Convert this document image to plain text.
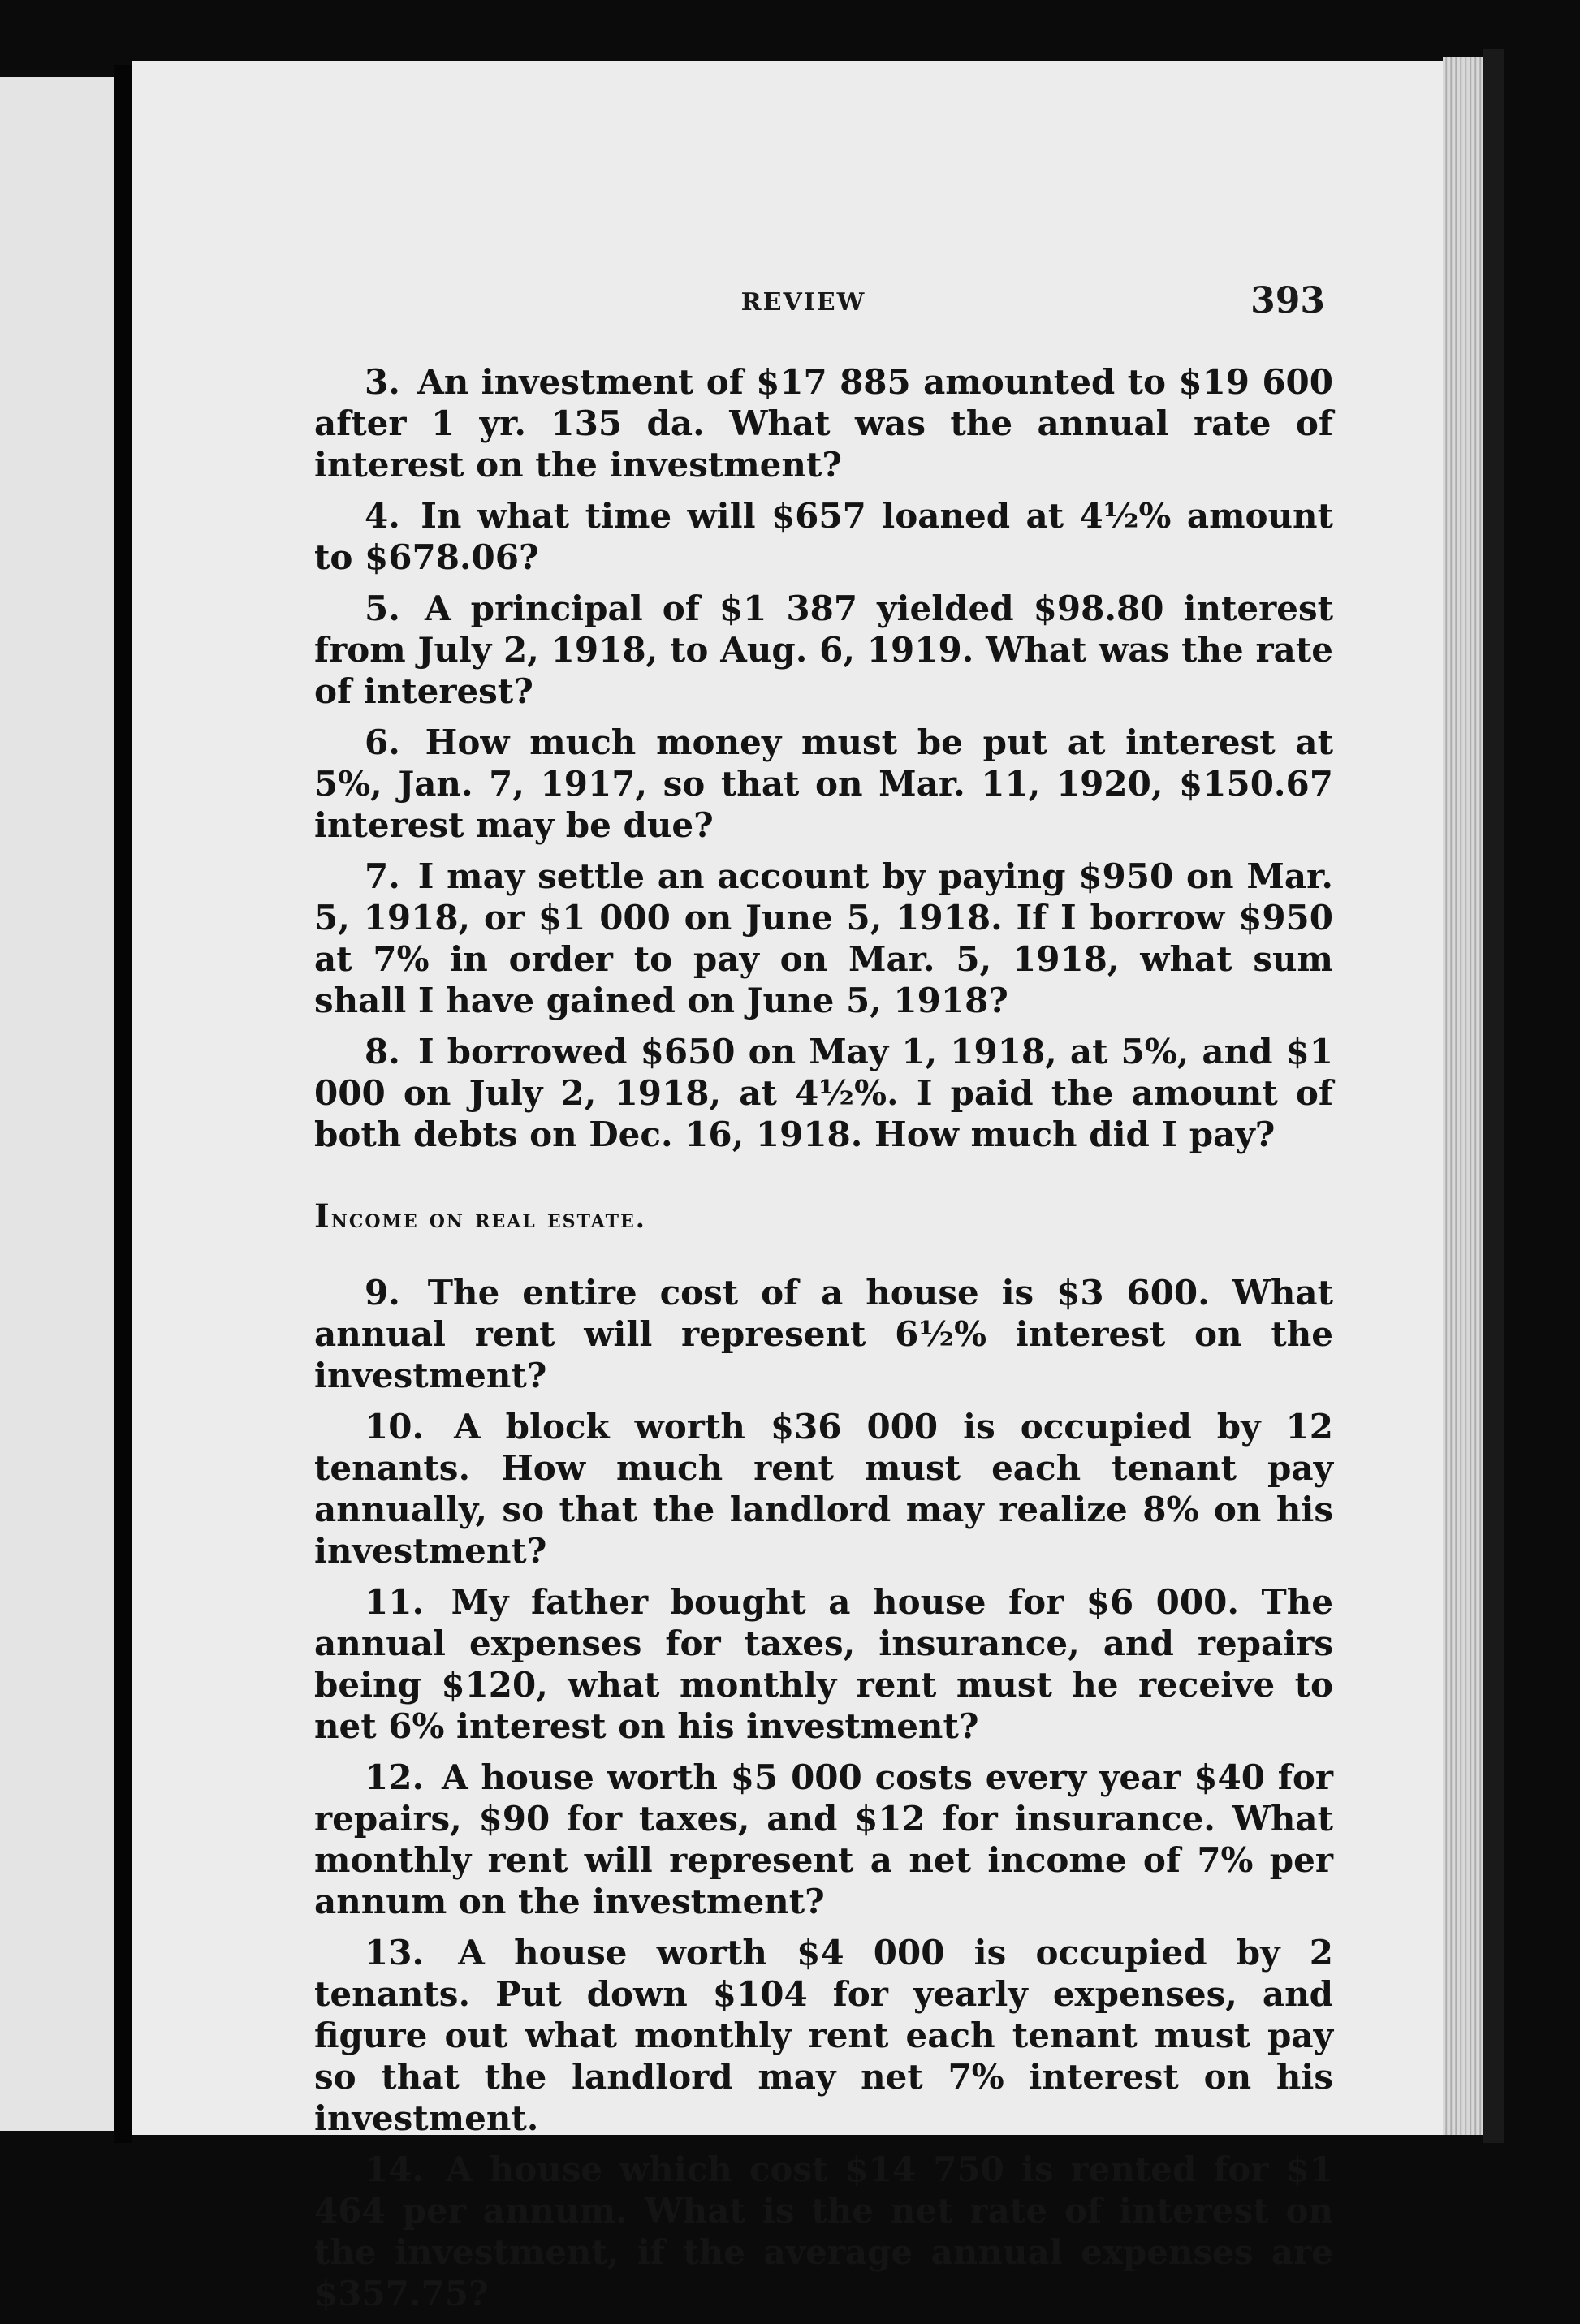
REVIEW	393

3. An investment of $17 885 amounted to $19 600 after 1 yr. 135 da. What was the annual rate of interest on the investment?

4. In what time will $657 loaned at 4½% amount to $678.06?

5. A principal of $1 387 yielded $98.80 interest from July 2, 1918, to Aug. 6, 1919. What was the rate of interest?

6. How much money must be put at interest at 5%, Jan. 7, 1917, so that on Mar. 11, 1920, $150.67 interest may be due?

7. I may settle an account by paying $950 on Mar. 5, 1918, or $1 000 on June 5, 1918. If I borrow $950 at 7% in order to pay on Mar. 5, 1918, what sum shall I have gained on June 5, 1918?

8. I borrowed $650 on May 1, 1918, at 5%, and $1 000 on July 2, 1918, at 4½%. I paid the amount of both debts on Dec. 16, 1918. How much did I pay?

Income on real estate.

9. The entire cost of a house is $3 600. What annual rent will represent 6½% interest on the investment?

10. A block worth $36 000 is occupied by 12 tenants. How much rent must each tenant pay annually, so that the landlord may realize 8% on his investment?

11. My father bought a house for $6 000. The annual expenses for taxes, insurance, and repairs being $120, what monthly rent must he receive to net 6% interest on his investment?

12. A house worth $5 000 costs every year $40 for repairs, $90 for taxes, and $12 for insurance. What monthly rent will represent a net income of 7% per annum on the investment?

13. A house worth $4 000 is occupied by 2 tenants. Put down $104 for yearly expenses, and figure out what monthly rent each tenant must pay so that the landlord may net 7% interest on his investment.

14. A house which cost $14 750 is rented for $1 464 per annum. What is the net rate of interest on the investment, if the average annual expenses are $357.75?
